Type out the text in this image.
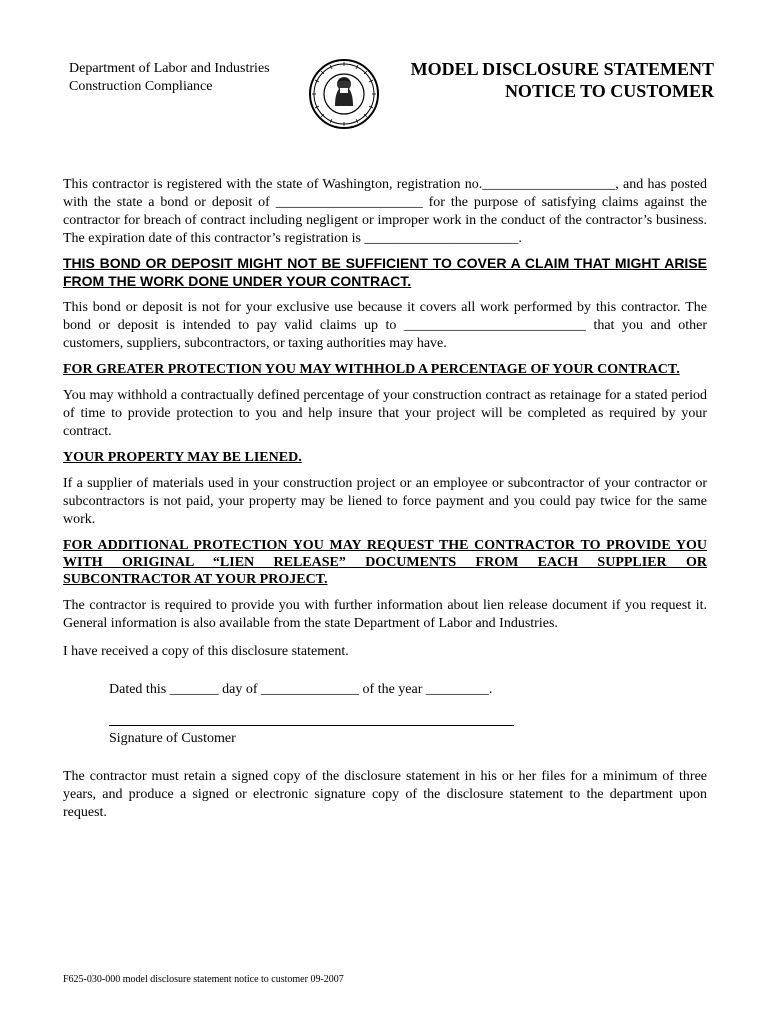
Department of Labor and Industries
Construction Compliance
MODEL DISCLOSURE STATEMENT
NOTICE TO CUSTOMER

This contractor is registered with the state of Washington, registration no.___________________, and has posted with the state a bond or deposit of _____________________ for the purpose of satisfying claims against the contractor for breach of contract including negligent or improper work in the conduct of the contractor’s business. The expiration date of this contractor’s registration is ______________________.

THIS BOND OR DEPOSIT MIGHT NOT BE SUFFICIENT TO COVER A CLAIM THAT MIGHT ARISE FROM THE WORK DONE UNDER YOUR CONTRACT.

This bond or deposit is not for your exclusive use because it covers all work performed by this contractor. The bond or deposit is intended to pay valid claims up to __________________________ that you and other customers, suppliers, subcontractors, or taxing authorities may have.

FOR GREATER PROTECTION YOU MAY WITHHOLD A PERCENTAGE OF YOUR CONTRACT.

You may withhold a contractually defined percentage of your construction contract as retainage for a stated period of time to provide protection to you and help insure that your project will be completed as required by your contract.

YOUR PROPERTY MAY BE LIENED.

If a supplier of materials used in your construction project or an employee or subcontractor of your contractor or subcontractors is not paid, your property may be liened to force payment and you could pay twice for the same work.

FOR ADDITIONAL PROTECTION YOU MAY REQUEST THE CONTRACTOR TO PROVIDE YOU WITH ORIGINAL “LIEN RELEASE” DOCUMENTS FROM EACH SUPPLIER OR SUBCONTRACTOR AT YOUR PROJECT.

The contractor is required to provide you with further information about lien release document if you request it. General information is also available from the state Department of Labor and Industries.

I have received a copy of this disclosure statement.

Dated this _______ day of ______________ of the year _________.
Signature of Customer

The contractor must retain a signed copy of the disclosure statement in his or her files for a minimum of three years, and produce a signed or electronic signature copy of the disclosure statement to the department upon request.

F625-030-000 model disclosure statement notice to customer 09-2007
